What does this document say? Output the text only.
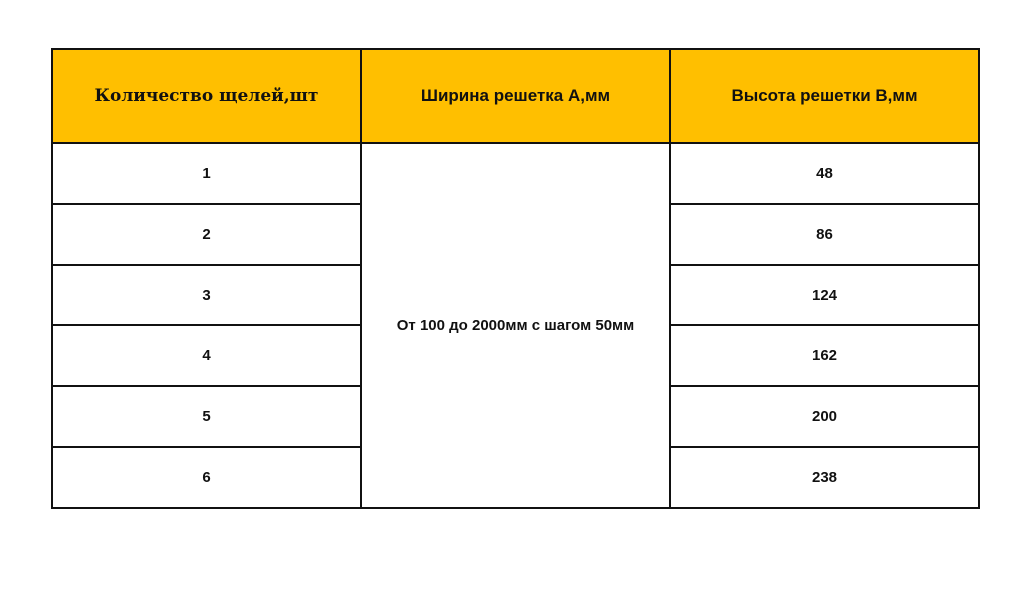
Количество щелей,шт	Ширина решетка А,мм	Высота решетки В,мм
1	От 100 до 2000мм с шагом 50мм	48
2		86
3		124
4		162
5		200
6		238
